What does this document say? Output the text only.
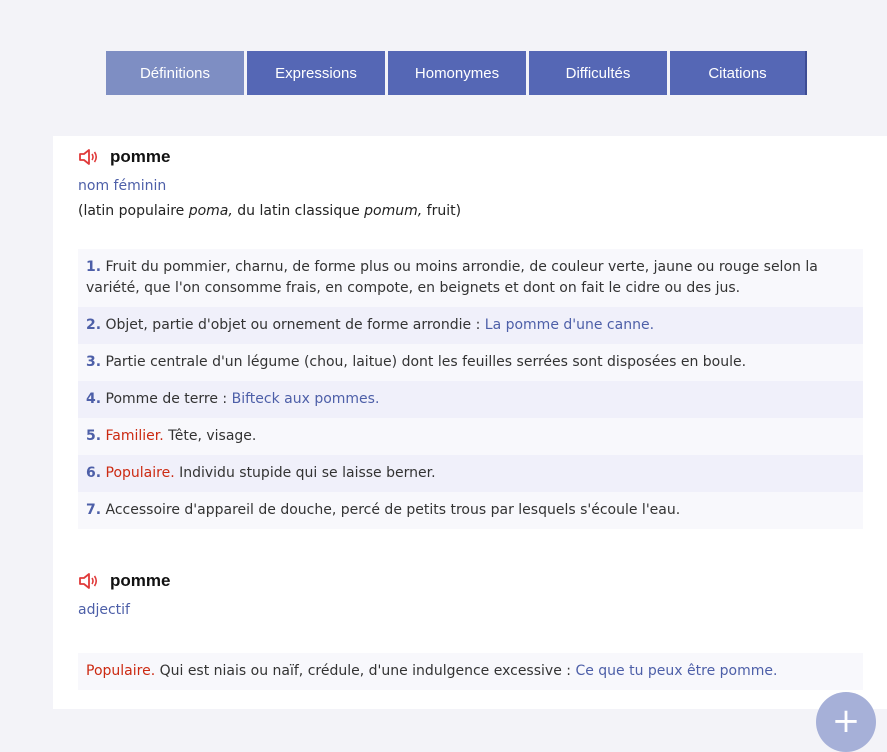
Définitions	Expressions	Homonymes	Difficultés	Citations
pomme
nom féminin
(latin populaire poma, du latin classique pomum, fruit)
1. Fruit du pommier, charnu, de forme plus ou moins arrondie, de couleur verte, jaune ou rouge selon la variété, que l'on consomme frais, en compote, en beignets et dont on fait le cidre ou des jus.
2. Objet, partie d'objet ou ornement de forme arrondie : La pomme d'une canne.
3. Partie centrale d'un légume (chou, laitue) dont les feuilles serrées sont disposées en boule.
4. Pomme de terre : Bifteck aux pommes.
5. Familier. Tête, visage.
6. Populaire. Individu stupide qui se laisse berner.
7. Accessoire d'appareil de douche, percé de petits trous par lesquels s'écoule l'eau.
pomme
adjectif
Populaire. Qui est niais ou naïf, crédule, d'une indulgence excessive : Ce que tu peux être pomme.
+
